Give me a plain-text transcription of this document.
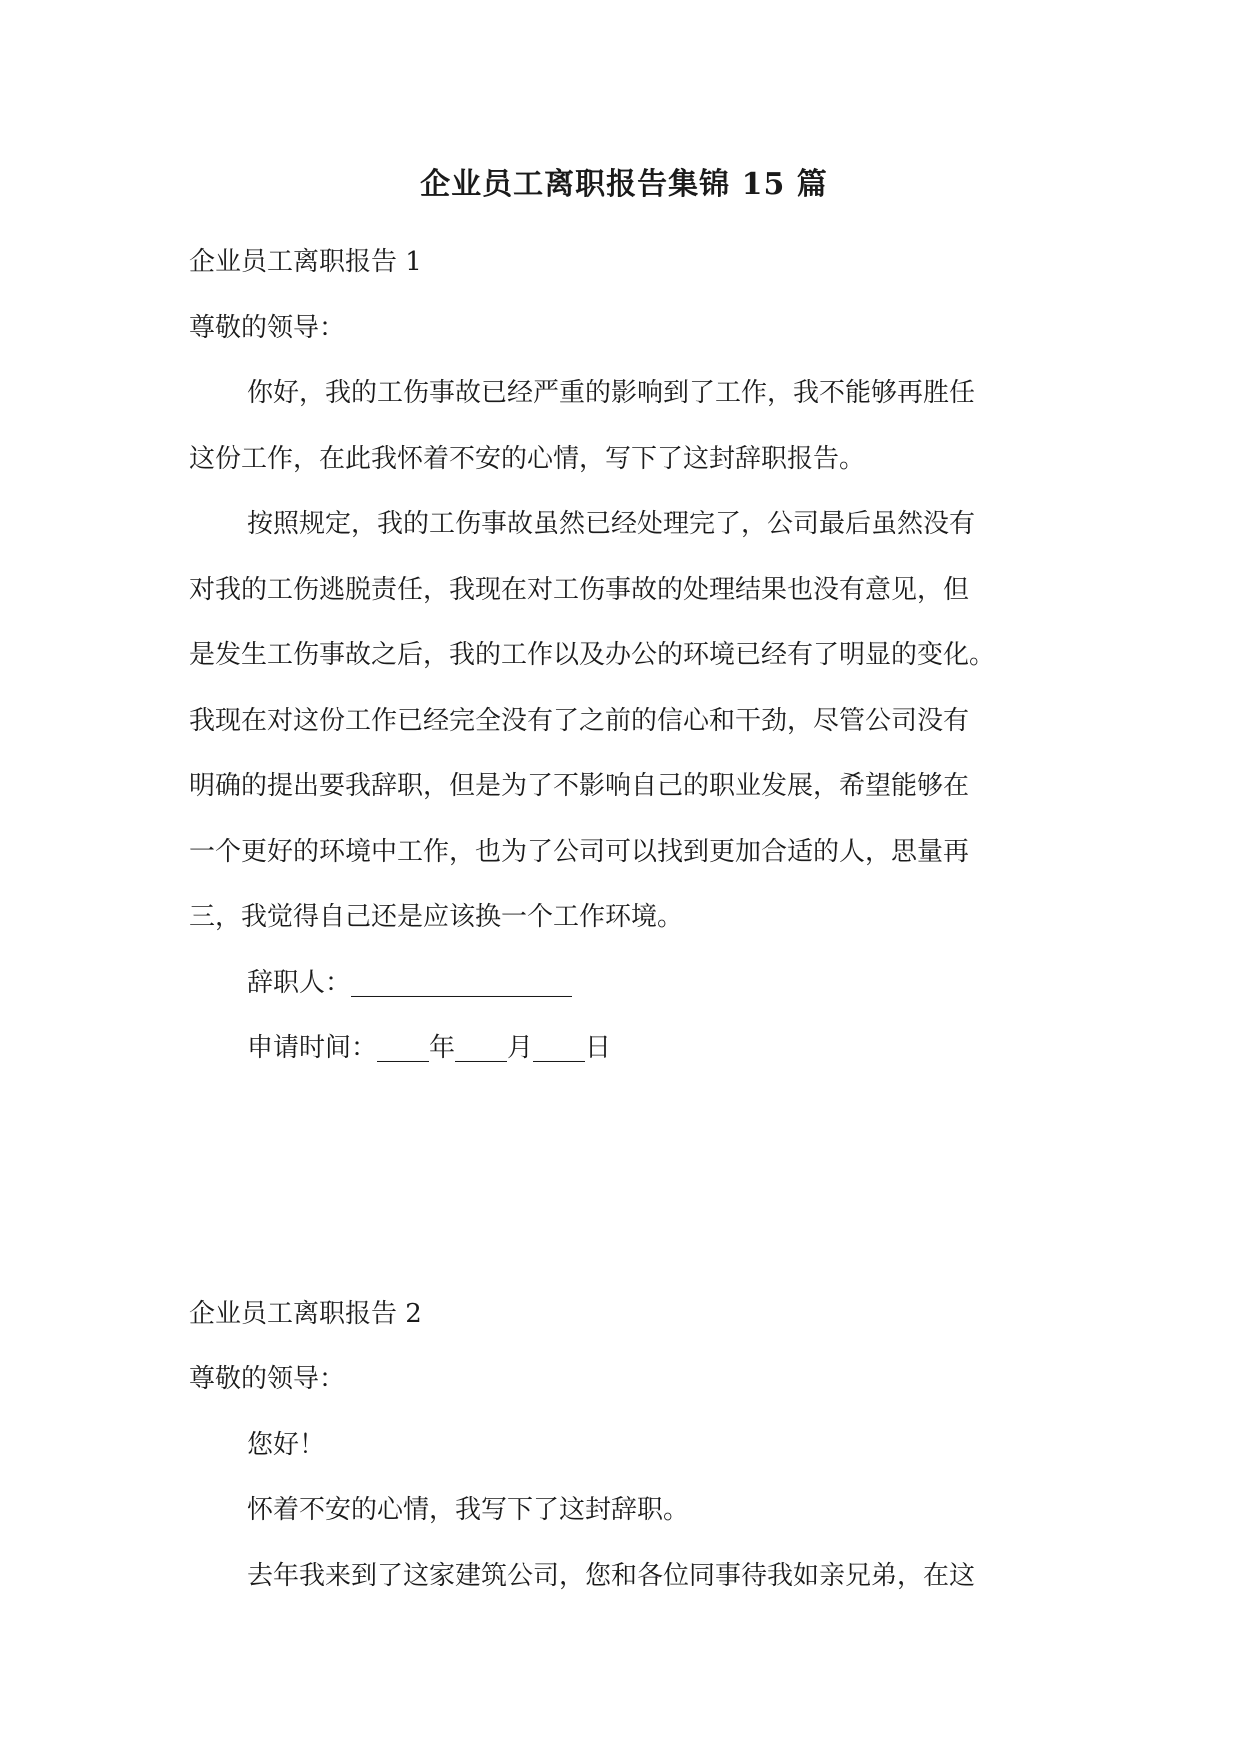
企业员工离职报告集锦 15 篇

企业员工离职报告 1

尊敬的领导：

你好，我的工伤事故已经严重的影响到了工作，我不能够再胜任

这份工作，在此我怀着不安的心情，写下了这封辞职报告。

按照规定，我的工伤事故虽然已经处理完了，公司最后虽然没有

对我的工伤逃脱责任，我现在对工伤事故的处理结果也没有意见，但

是发生工伤事故之后，我的工作以及办公的环境已经有了明显的变化。

我现在对这份工作已经完全没有了之前的信心和干劲，尽管公司没有

明确的提出要我辞职，但是为了不影响自己的职业发展，希望能够在

一个更好的环境中工作，也为了公司可以找到更加合适的人，思量再

三，我觉得自己还是应该换一个工作环境。

辞职人：_________________

申请时间：____年____月____日

企业员工离职报告 2

尊敬的领导：

您好！

怀着不安的心情，我写下了这封辞职。

去年我来到了这家建筑公司，您和各位同事待我如亲兄弟，在这
